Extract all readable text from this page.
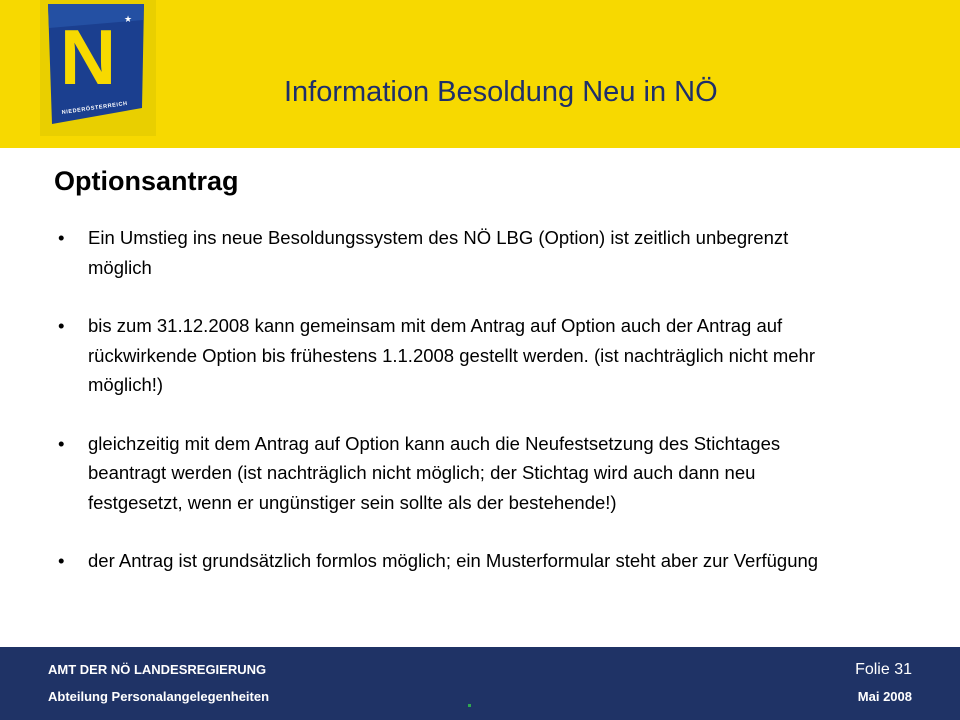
N ★
NIEDERÖSTERREICH
Information Besoldung Neu in NÖ
Optionsantrag
• Ein Umstieg ins neue Besoldungssystem des NÖ LBG (Option) ist zeitlich unbegrenzt möglich
• bis zum 31.12.2008 kann gemeinsam mit dem Antrag auf Option auch der Antrag auf rückwirkende Option bis frühestens 1.1.2008 gestellt werden. (ist nachträglich nicht mehr möglich!)
• gleichzeitig mit dem Antrag auf Option kann auch die Neufestsetzung des Stichtages beantragt werden (ist nachträglich nicht möglich; der Stichtag wird auch dann neu festgesetzt, wenn er ungünstiger sein sollte als der bestehende!)
• der Antrag ist grundsätzlich formlos möglich; ein Musterformular steht aber zur Verfügung
AMT DER NÖ LANDESREGIERUNG
Abteilung Personalangelegenheiten
Folie 31
Mai 2008
